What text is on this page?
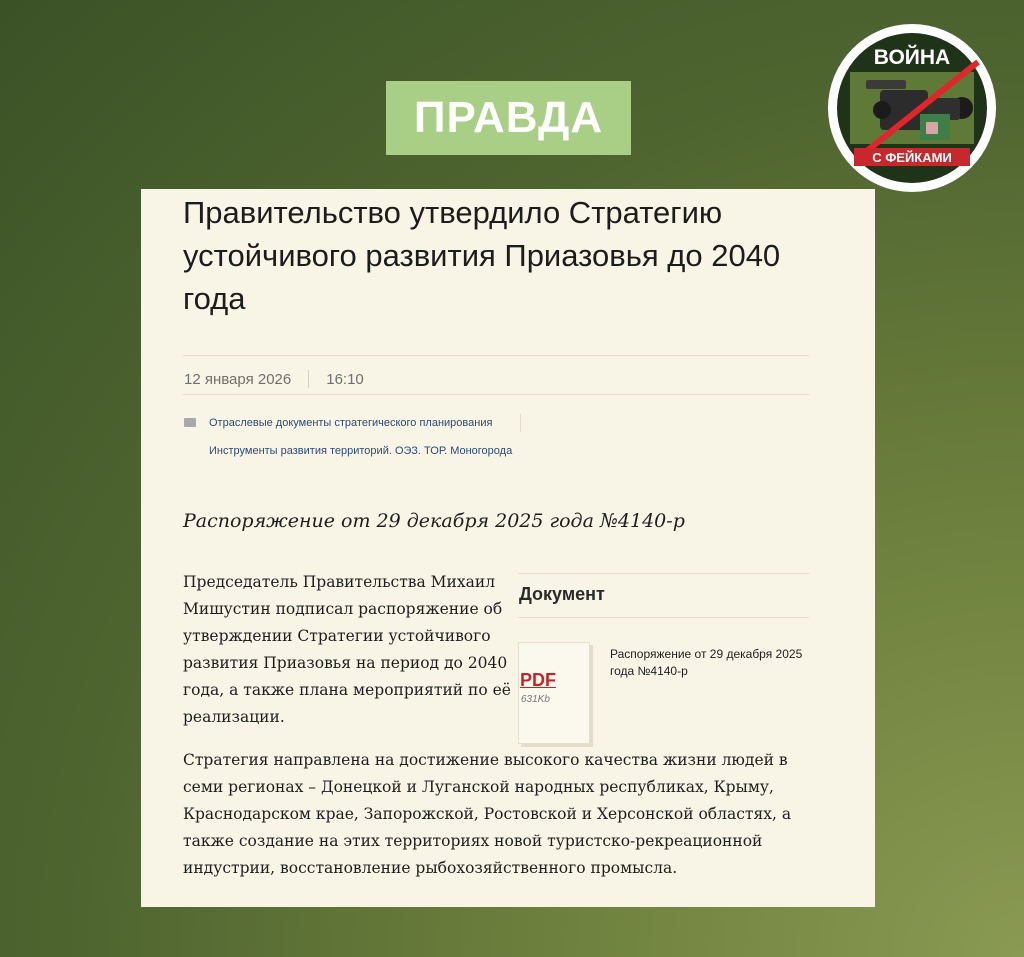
ПРАВДА
ВОЙНА
С ФЕЙКАМИ
Правительство утвердило Стратегию устойчивого развития Приазовья до 2040 года
12 января 2026 16:10
Отраслевые документы стратегического планирования
Инструменты развития территорий. ОЭЗ. ТОР. Моногорода
Распоряжение от 29 декабря 2025 года №4140-р

Председатель Правительства Михаил Мишустин подписал распоряжение об утверждении Стратегии устойчивого развития Приазовья на период до 2040 года, а также плана мероприятий по её реализации.

Документ
PDF
631Kb
Распоряжение от 29 декабря 2025 года №4140-р

Стратегия направлена на достижение высокого качества жизни людей в семи регионах – Донецкой и Луганской народных республиках, Крыму, Краснодарском крае, Запорожской, Ростовской и Херсонской областях, а также создание на этих территориях новой туристско-рекреационной индустрии, восстановление рыбохозяйственного промысла.
